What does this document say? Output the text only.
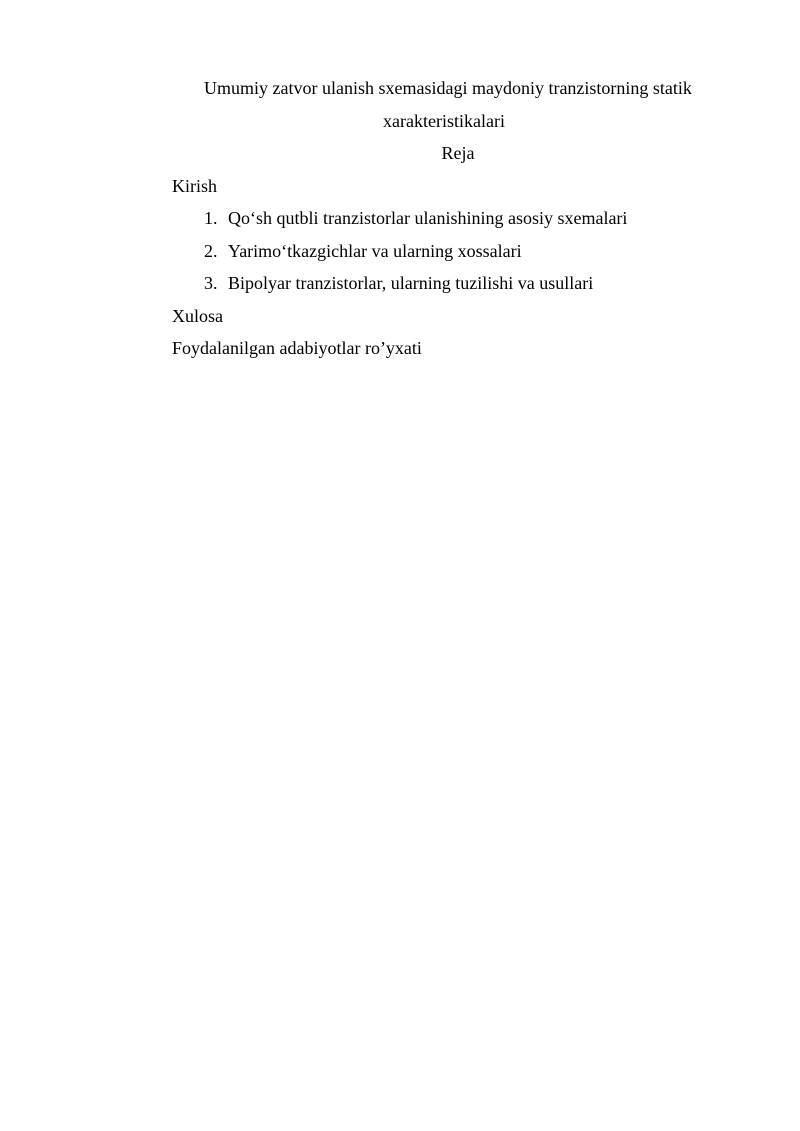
Umumiy zatvor ulanish sxemasidagi maydoniy tranzistorning statik
xarakteristikalari

Reja

Kirish

1. Qo‘sh qutbli tranzistorlar ulanishining asosiy sxemalari
2. Yarimo‘tkazgichlar va ularning xossalari
3. Bipolyar tranzistorlar, ularning tuzilishi va usullari

Xulosa

Foydalanilgan adabiyotlar ro’yxati
